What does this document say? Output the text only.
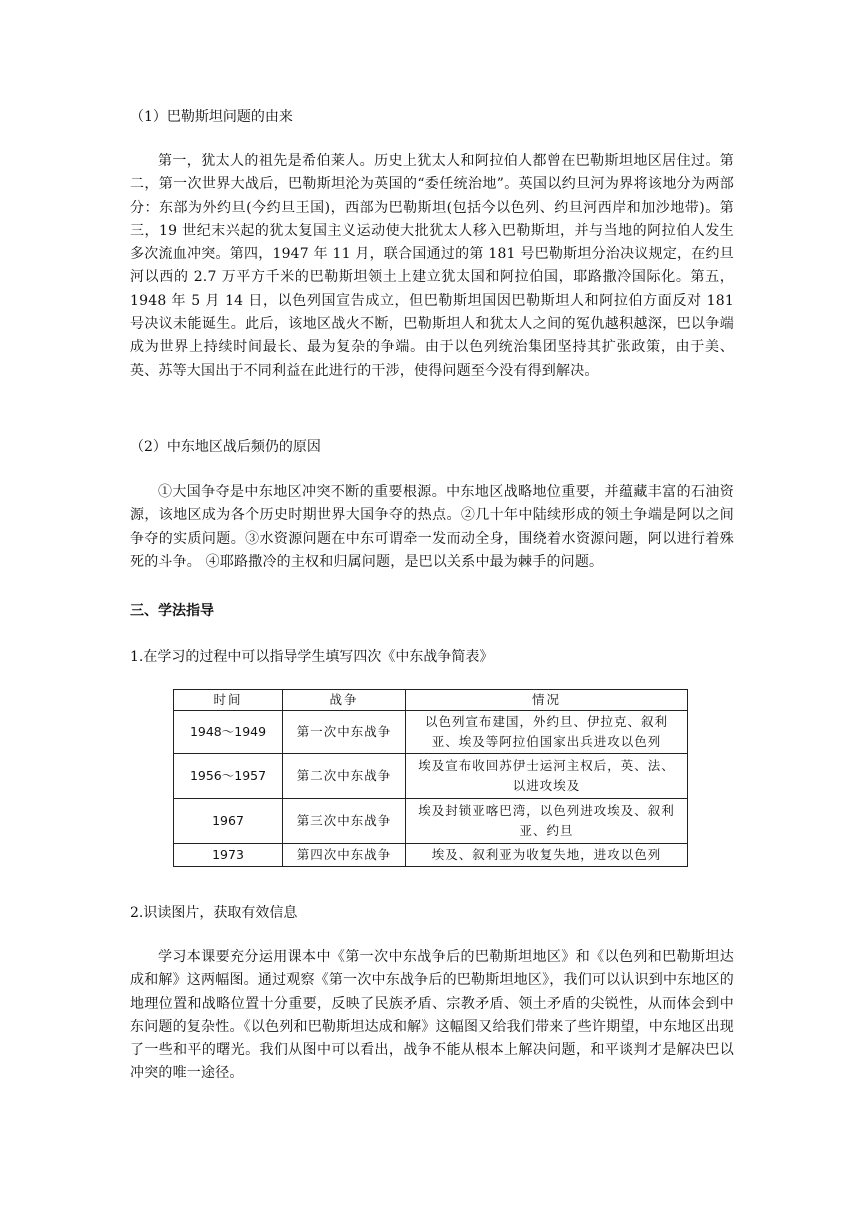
（1）巴勒斯坦问题的由来

第一，犹太人的祖先是希伯莱人。历史上犹太人和阿拉伯人都曾在巴勒斯坦地区居住过。第二，第一次世界大战后，巴勒斯坦沦为英国的“委任统治地”。英国以约旦河为界将该地分为两部分：东部为外约旦(今约旦王国)，西部为巴勒斯坦(包括今以色列、约旦河西岸和加沙地带)。第三，19 世纪末兴起的犹太复国主义运动使大批犹太人移入巴勒斯坦，并与当地的阿拉伯人发生多次流血冲突。第四，1947 年 11 月，联合国通过的第 181 号巴勒斯坦分治决议规定，在约旦河以西的 2.7 万平方千米的巴勒斯坦领土上建立犹太国和阿拉伯国，耶路撒冷国际化。第五，1948 年 5 月 14 日，以色列国宣告成立，但巴勒斯坦国因巴勒斯坦人和阿拉伯方面反对 181 号决议未能诞生。此后，该地区战火不断，巴勒斯坦人和犹太人之间的冤仇越积越深，巴以争端成为世界上持续时间最长、最为复杂的争端。由于以色列统治集团坚持其扩张政策，由于美、英、苏等大国出于不同利益在此进行的干涉，使得问题至今没有得到解决。

（2）中东地区战后频仍的原因

①大国争夺是中东地区冲突不断的重要根源。中东地区战略地位重要，并蕴藏丰富的石油资源，该地区成为各个历史时期世界大国争夺的热点。②几十年中陆续形成的领土争端是阿以之间争夺的实质问题。③水资源问题在中东可谓牵一发而动全身，围绕着水资源问题，阿以进行着殊死的斗争。 ④耶路撒冷的主权和归属问题，是巴以关系中最为棘手的问题。

三、学法指导

1.在学习的过程中可以指导学生填写四次《中东战争简表》

时间	战争	情况
1948～1949	第一次中东战争	以色列宣布建国，外约旦、伊拉克、叙利亚、埃及等阿拉伯国家出兵进攻以色列
1956～1957	第二次中东战争	埃及宣布收回苏伊士运河主权后，英、法、以进攻埃及
1967	第三次中东战争	埃及封锁亚喀巴湾，以色列进攻埃及、叙利亚、约旦
1973	第四次中东战争	埃及、叙利亚为收复失地，进攻以色列

2.识读图片，获取有效信息

学习本课要充分运用课本中《第一次中东战争后的巴勒斯坦地区》和《以色列和巴勒斯坦达成和解》这两幅图。通过观察《第一次中东战争后的巴勒斯坦地区》，我们可以认识到中东地区的地理位置和战略位置十分重要，反映了民族矛盾、宗教矛盾、领土矛盾的尖锐性，从而体会到中东问题的复杂性。《以色列和巴勒斯坦达成和解》这幅图又给我们带来了些许期望，中东地区出现了一些和平的曙光。我们从图中可以看出，战争不能从根本上解决问题，和平谈判才是解决巴以冲突的唯一途径。
